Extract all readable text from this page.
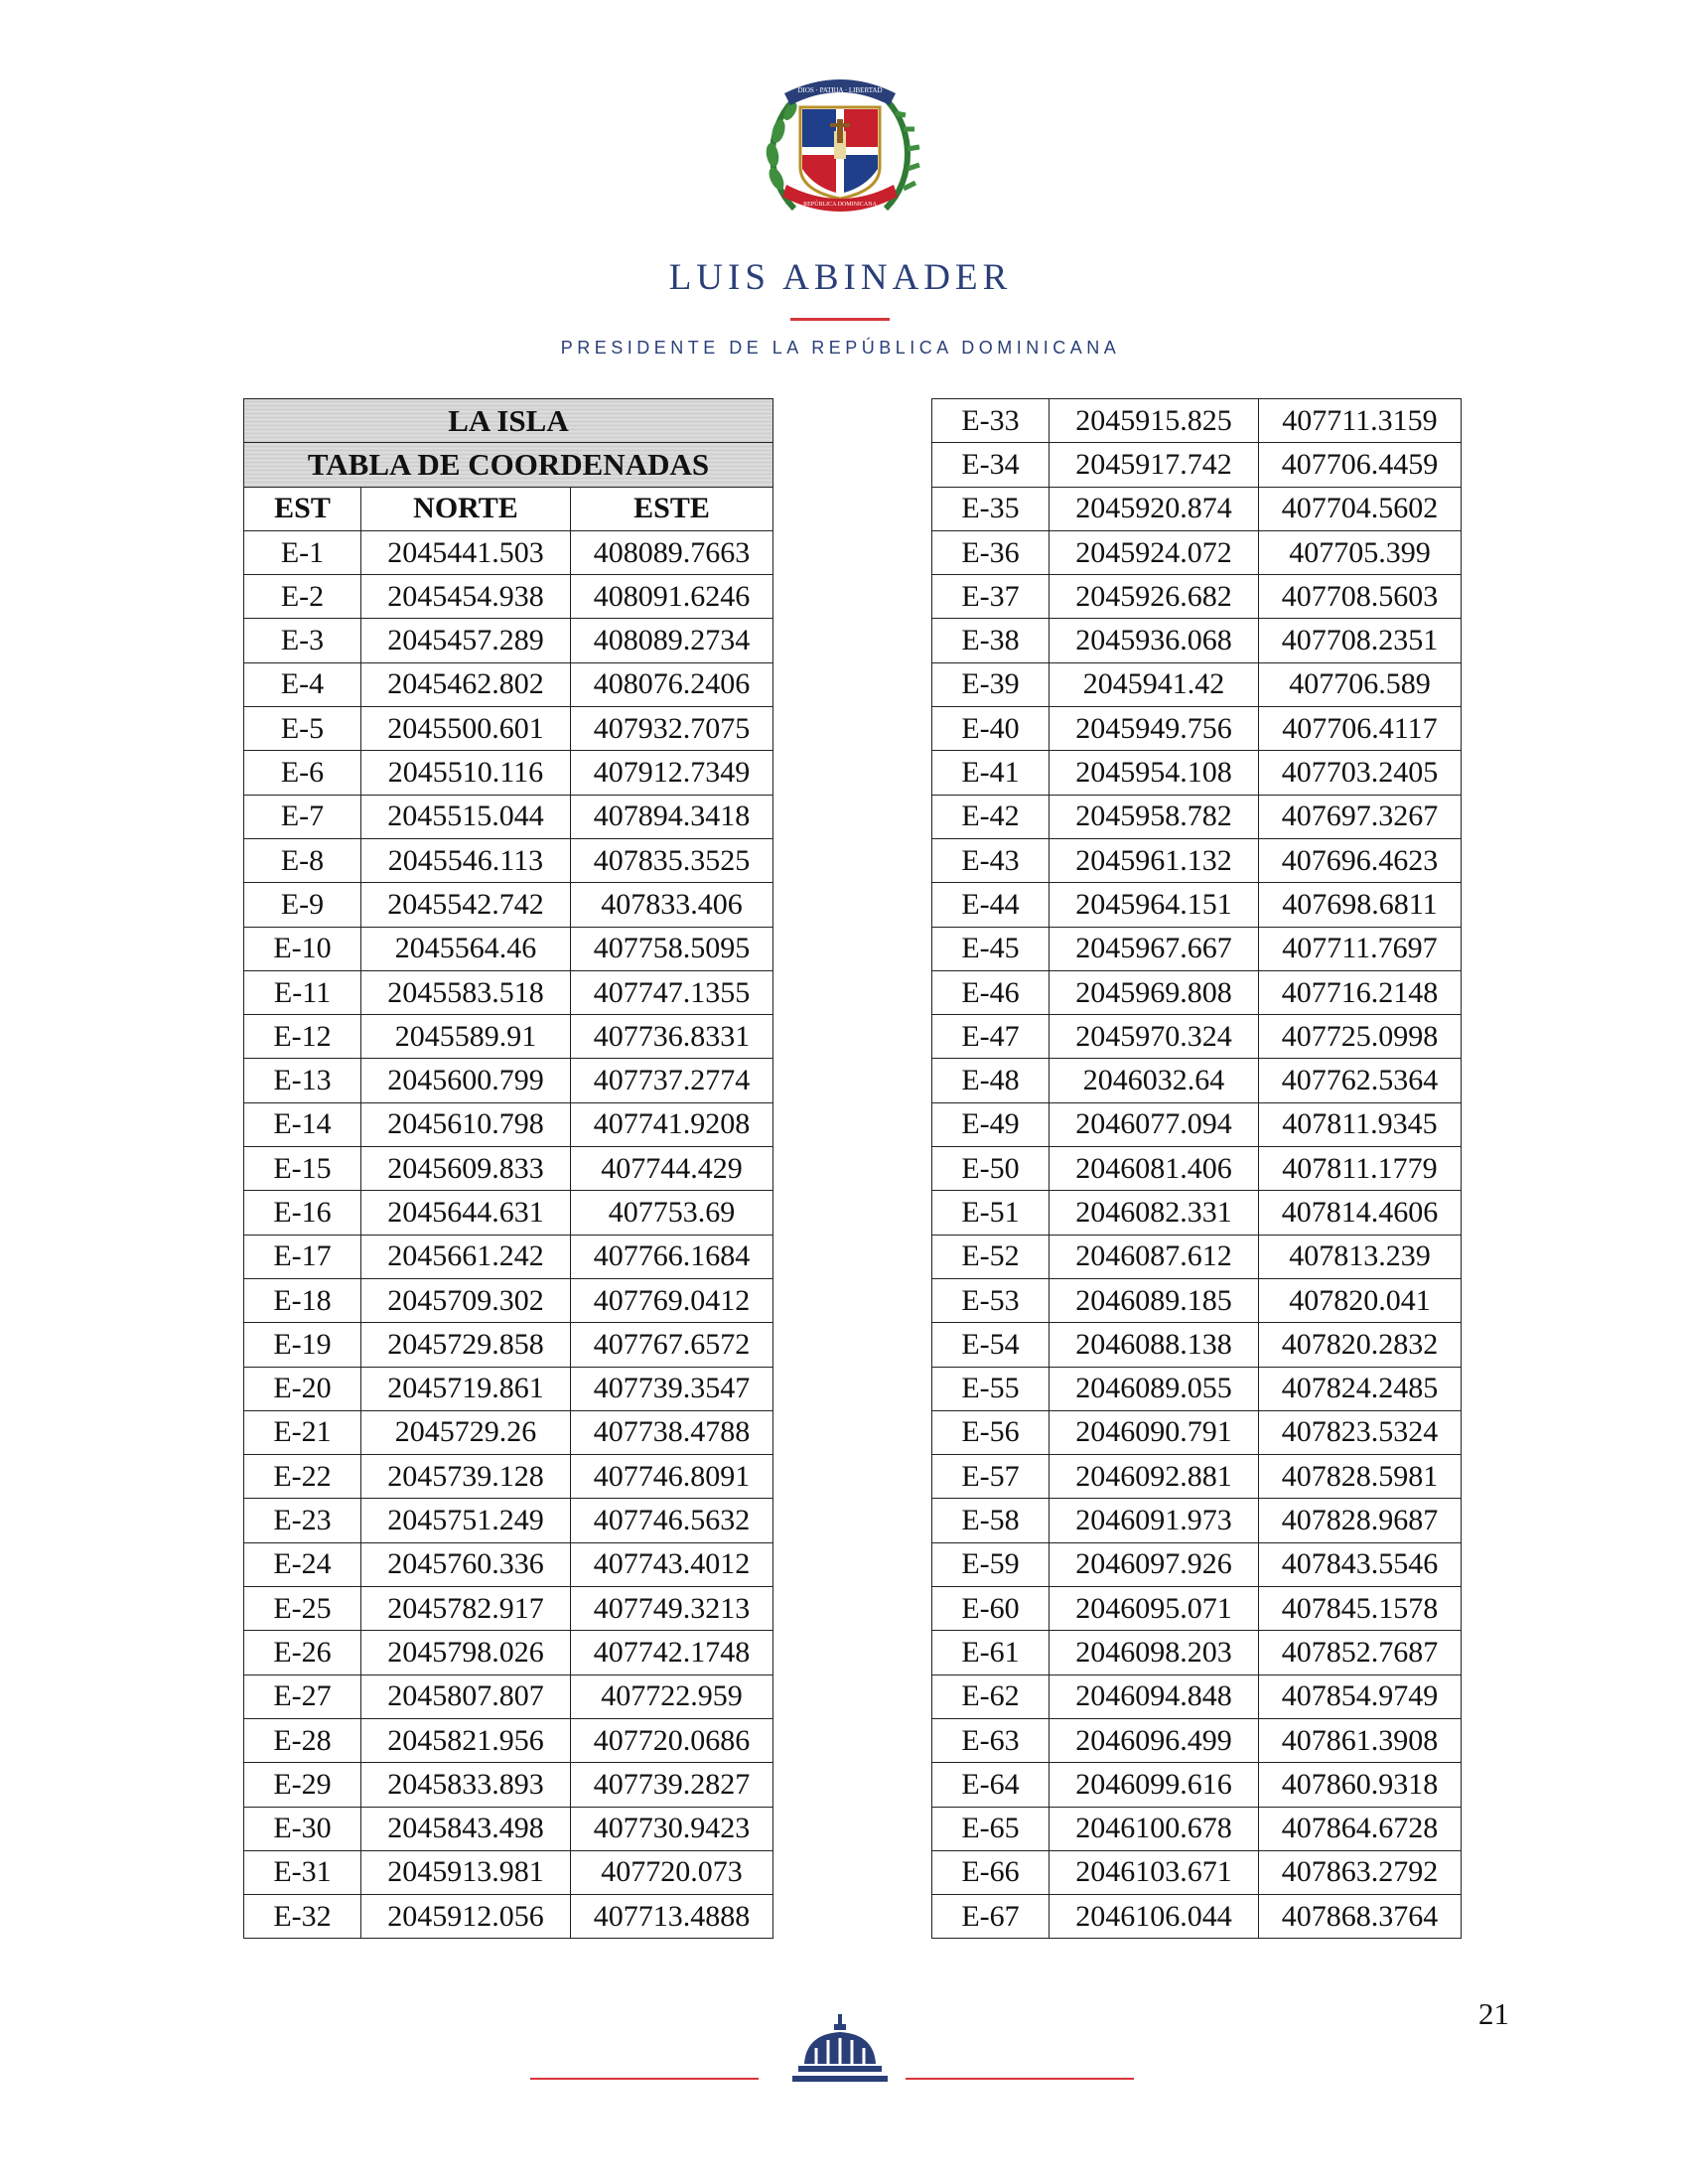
DIOS · PATRIA · LIBERTAD
REPÚBLICA DOMINICANA
LUIS ABINADER
PRESIDENTE DE LA REPÚBLICA DOMINICANA
LA ISLA		
TABLA DE COORDENADAS		
EST	NORTE	ESTE
E-1	2045441.503	408089.7663
E-2	2045454.938	408091.6246
E-3	2045457.289	408089.2734
E-4	2045462.802	408076.2406
E-5	2045500.601	407932.7075
E-6	2045510.116	407912.7349
E-7	2045515.044	407894.3418
E-8	2045546.113	407835.3525
E-9	2045542.742	407833.406
E-10	2045564.46	407758.5095
E-11	2045583.518	407747.1355
E-12	2045589.91	407736.8331
E-13	2045600.799	407737.2774
E-14	2045610.798	407741.9208
E-15	2045609.833	407744.429
E-16	2045644.631	407753.69
E-17	2045661.242	407766.1684
E-18	2045709.302	407769.0412
E-19	2045729.858	407767.6572
E-20	2045719.861	407739.3547
E-21	2045729.26	407738.4788
E-22	2045739.128	407746.8091
E-23	2045751.249	407746.5632
E-24	2045760.336	407743.4012
E-25	2045782.917	407749.3213
E-26	2045798.026	407742.1748
E-27	2045807.807	407722.959
E-28	2045821.956	407720.0686
E-29	2045833.893	407739.2827
E-30	2045843.498	407730.9423
E-31	2045913.981	407720.073
E-32	2045912.056	407713.4888
E-33	2045915.825	407711.3159
E-34	2045917.742	407706.4459
E-35	2045920.874	407704.5602
E-36	2045924.072	407705.399
E-37	2045926.682	407708.5603
E-38	2045936.068	407708.2351
E-39	2045941.42	407706.589
E-40	2045949.756	407706.4117
E-41	2045954.108	407703.2405
E-42	2045958.782	407697.3267
E-43	2045961.132	407696.4623
E-44	2045964.151	407698.6811
E-45	2045967.667	407711.7697
E-46	2045969.808	407716.2148
E-47	2045970.324	407725.0998
E-48	2046032.64	407762.5364
E-49	2046077.094	407811.9345
E-50	2046081.406	407811.1779
E-51	2046082.331	407814.4606
E-52	2046087.612	407813.239
E-53	2046089.185	407820.041
E-54	2046088.138	407820.2832
E-55	2046089.055	407824.2485
E-56	2046090.791	407823.5324
E-57	2046092.881	407828.5981
E-58	2046091.973	407828.9687
E-59	2046097.926	407843.5546
E-60	2046095.071	407845.1578
E-61	2046098.203	407852.7687
E-62	2046094.848	407854.9749
E-63	2046096.499	407861.3908
E-64	2046099.616	407860.9318
E-65	2046100.678	407864.6728
E-66	2046103.671	407863.2792
E-67	2046106.044	407868.3764
21
